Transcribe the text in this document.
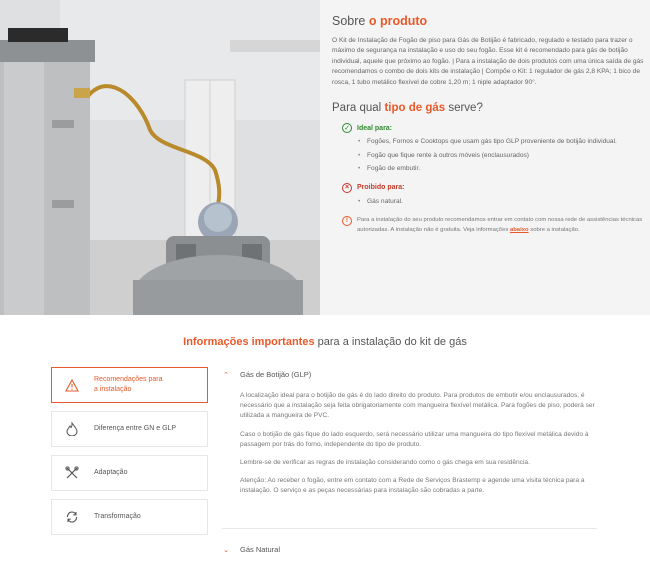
Sobre o produto

O Kit de Instalação de Fogão de piso para Gás de Botijão é fabricado, regulado e testado para trazer o máximo de segurança na instalação e uso do seu fogão. Esse kit é recomendado para gás de botijão individual, aquele que próximo ao fogão. | Para a instalação de dois produtos com uma única saída de gás recomendamos o combo de dois kits de instalação | Compõe o Kit: 1 regulador de gás 2,8 KPA; 1 bico de rosca, 1 tubo metálico flexível de cobre 1,20 m; 1 niple adaptador 90°.

Para qual tipo de gás serve?
✓ Ideal para:
• Fogões, Fornos e Cooktops que usam gás tipo GLP proveniente de botijão individual.
• Fogão que fique rente à outros móveis (enclausurados)
• Fogão de embutir.
×	Proibido para:
• Gás natural.
!	Para a instalação do seu produto recomendamos entrar em contato com nossa rede de assistências técnicas autorizadas. A instalação não é gratuita. Veja informações abaixo sobre a instalação.

Informações importantes para a instalação do kit de gás
Recomendações para a instalação
Diferença entre GN e GLP
Adaptação
Transformação
⌃ Gás de Botijão (GLP)

A localização ideal para o botijão de gás é do lado direito do produto. Para produtos de embutir e/ou enclausurados, é necessário que a instalação seja feita obrigatoriamente com mangueira flexível metálica. Para fogões de piso, poderá ser utilizada a mangueira de PVC.

Caso o botijão de gás fique do lado esquerdo, será necessário utilizar uma mangueira do tipo flexível metálica devido à passagem por trás do forno, independente do tipo de produto.

Lembre-se de verificar as regras de instalação considerando como o gás chega em sua residência.

Atenção: Ao receber o fogão, entre em contato com a Rede de Serviços Brastemp e agende uma visita técnica para a instalação. O serviço e as peças necessárias para instalação são cobradas a parte.

⌄ Gás Natural
